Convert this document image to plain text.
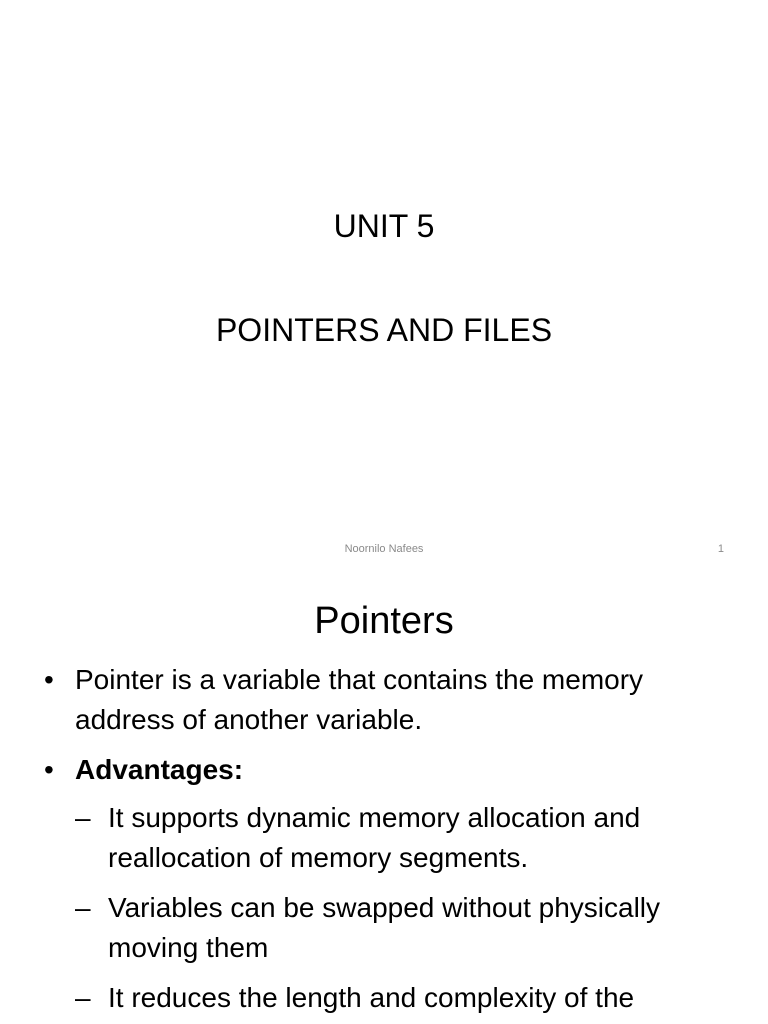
UNIT 5
POINTERS AND FILES
Noornilo Nafees	1
Pointers
• Pointer is a variable that contains the memory address of another variable.
• Advantages:
– It supports dynamic memory allocation and reallocation of memory segments.
– Variables can be swapped without physically moving them
– It reduces the length and complexity of the
